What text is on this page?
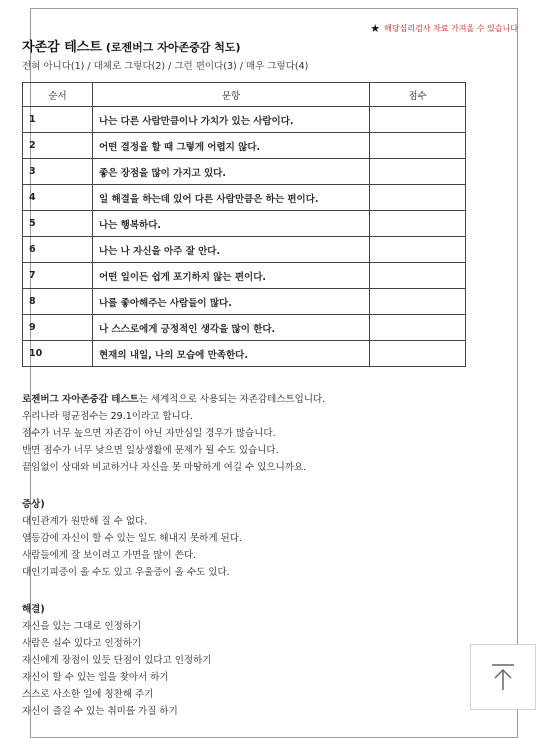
★ 해당심리검사 자료 가져올 수 있습니다
자존감 테스트 (로젠버그 자아존중감 척도)
전혀 아니다(1) / 대체로 그렇다(2) / 그런 편이다(3) / 매우 그렇다(4)
순서	문항	점수
1	나는 다른 사람만큼이나 가치가 있는 사람이다.	
2	어떤 결정을 할 때 그렇게 어렵지 않다.	
3	좋은 장점을 많이 가지고 있다.	
4	일 해결을 하는데 있어 다른 사람만큼은 하는 편이다.	
5	나는 행복하다.	
6	나는 나 자신을 아주 잘 안다.	
7	어떤 일이든 쉽게 포기하지 않는 편이다.	
8	나를 좋아해주는 사람들이 많다.	
9	나 스스로에게 긍정적인 생각을 많이 한다.	
10	현재의 내일, 나의 모습에 만족한다.	
로젠버그 자아존중감 테스트는 세계적으로 사용되는 자존감테스트입니다.
우리나라 평균점수는 29.1이라고 합니다.
점수가 너무 높으면 자존감이 아닌 자만심일 경우가 많습니다.
반면 점수가 너무 낮으면 일상생활에 문제가 될 수도 있습니다.
끝임없이 상대와 비교하거나 자신을 못 마땅하게 여길 수 있으니까요.
증상)
대인관계가 원만해 질 수 없다.
열등감에 자신이 할 수 있는 일도 해내지 못하게 된다.
사람들에게 잘 보이려고 가면을 많이 쓴다.
대인기피증이 올 수도 있고 우울증이 올 수도 있다.
해결)
자신을 있는 그대로 인정하기
사람은 실수 있다고 인정하기
자신에게 장점이 있듯 단점이 있다고 인정하기
자신이 할 수 있는 일을 찾아서 하기
스스로 사소한 일에 칭찬해 주기
자신이 즐길 수 있는 취미를 가질 하기
